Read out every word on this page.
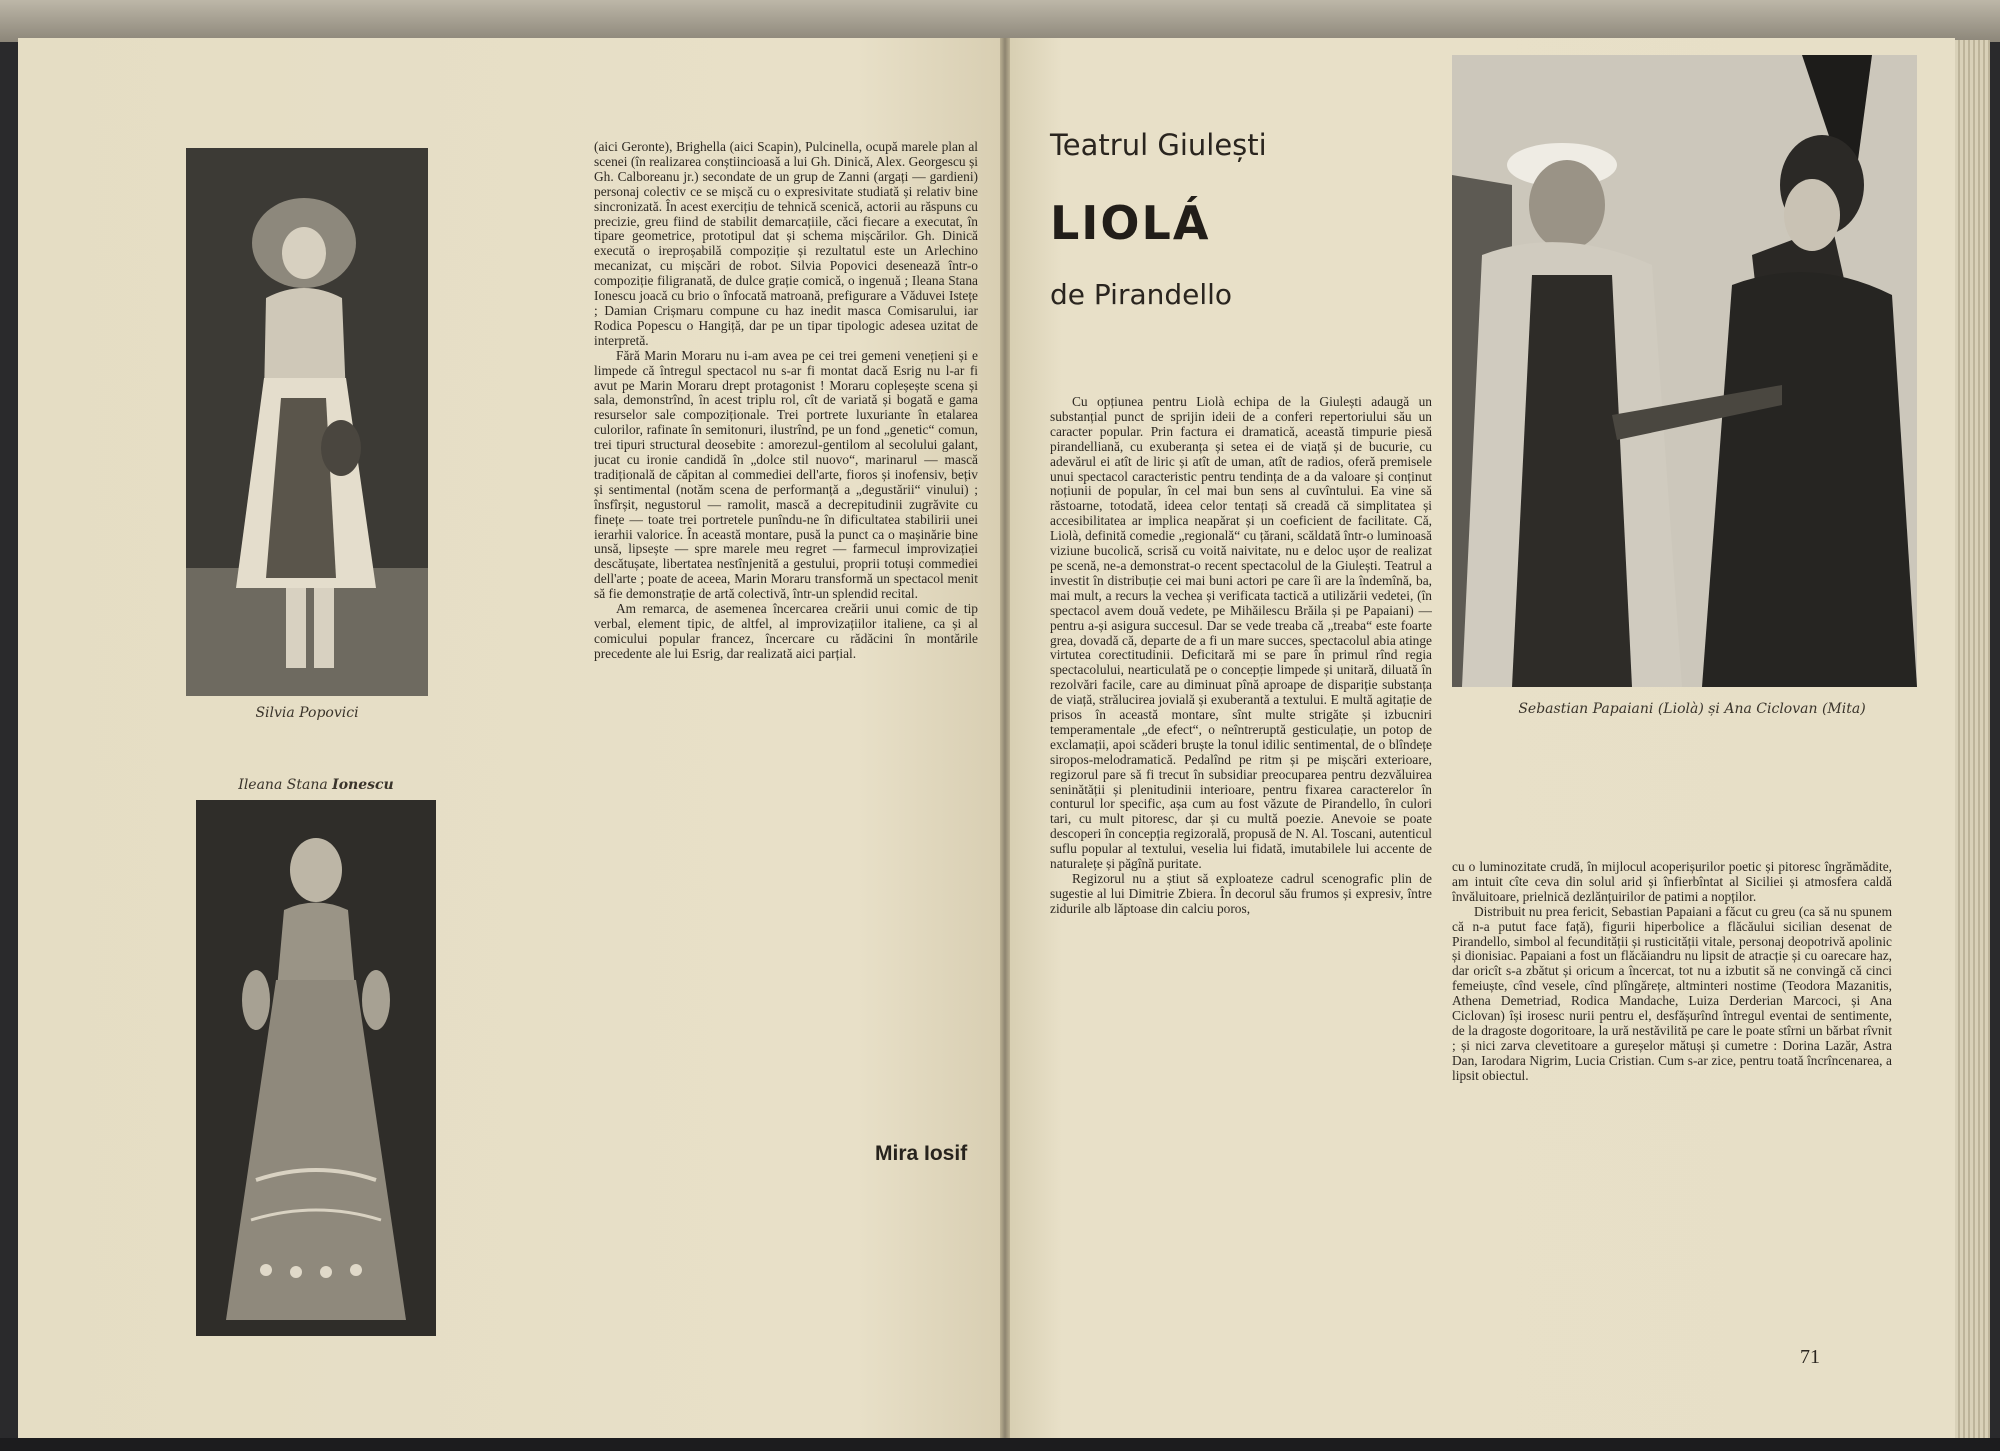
Silvia Popovici
Ileana Stana Ionescu

(aici Geronte), Brighella (aici Scapin), Pulcinella, ocupă marele plan al scenei (în realizarea conștiincioasă a lui Gh. Dinică, Alex. Georgescu și Gh. Calboreanu jr.) secondate de un grup de Zanni (argați — gardieni) personaj colectiv ce se mișcă cu o expresivitate studiată și relativ bine sincronizată. În acest exercițiu de tehnică scenică, actorii au răspuns cu precizie, greu fiind de stabilit demarcațiile, căci fiecare a executat, în tipare geometrice, prototipul dat și schema mișcărilor. Gh. Dinică execută o ireproșabilă compoziție și rezultatul este un Arlechino mecanizat, cu mișcări de robot. Silvia Popovici desenează într-o compoziție filigranată, de dulce grație comică, o ingenuă ; Ileana Stana Ionescu joacă cu brio o înfocată matroană, prefigurare a Văduvei Istețe ; Damian Crișmaru compune cu haz inedit masca Comisarului, iar Rodica Popescu o Hangiță, dar pe un tipar tipologic adesea uzitat de interpretă.

Fără Marin Moraru nu i-am avea pe cei trei gemeni venețieni și e limpede că întregul spectacol nu s-ar fi montat dacă Esrig nu l-ar fi avut pe Marin Moraru drept protagonist ! Moraru copleșește scena și sala, demonstrînd, în acest triplu rol, cît de variată și bogată e gama resurselor sale compoziționale. Trei portrete luxuriante în etalarea culorilor, rafinate în semitonuri, ilustrînd, pe un fond „genetic“ comun, trei tipuri structural deosebite : amorezul-gentilom al secolului galant, jucat cu ironie candidă în „dolce stil nuovo“, marinarul — mască tradițională de căpitan al commediei dell'arte, fioros și inofensiv, bețiv și sentimental (notăm scena de performanță a „degustării“ vinului) ; însfîrșit, negustorul — ramolit, mască a decrepitudinii zugrăvite cu finețe — toate trei portretele punîndu-ne în dificultatea stabilirii unei ierarhii valorice. În această montare, pusă la punct ca o mașinărie bine unsă, lipsește — spre marele meu regret — farmecul improvizației descătușate, libertatea nestînjenită a gestului, proprii totuși commediei dell'arte ; poate de aceea, Marin Moraru transformă un spectacol menit să fie demonstrație de artă colectivă, într-un splendid recital.

Am remarca, de asemenea încercarea creării unui comic de tip verbal, element tipic, de altfel, al improvizațiilor italiene, ca și al comicului popular francez, încercare cu rădăcini în montările precedente ale lui Esrig, dar realizată aici parțial.

Mira Iosif
Teatrul Giulești
LIOLÁ
de Pirandello
Sebastian Papaiani (Liolà) și Ana Ciclovan (Mita)

Cu opțiunea pentru Liolà echipa de la Giulești adaugă un substanțial punct de sprijin ideii de a conferi repertoriului său un caracter popular. Prin factura ei dramatică, această timpurie piesă pirandelliană, cu exuberanța și setea ei de viață și de bucurie, cu adevărul ei atît de liric și atît de uman, atît de radios, oferă premisele unui spectacol caracteristic pentru tendința de a da valoare și conținut noțiunii de popular, în cel mai bun sens al cuvîntului. Ea vine să răstoarne, totodată, ideea celor tentați să creadă că simplitatea și accesibilitatea ar implica neapărat și un coeficient de facilitate. Că, Liolà, definită comedie „regională“ cu țărani, scăldată într-o luminoasă viziune bucolică, scrisă cu voită naivitate, nu e deloc ușor de realizat pe scenă, ne-a demonstrat-o recent spectacolul de la Giulești. Teatrul a investit în distribuție cei mai buni actori pe care îi are la îndemînă, ba, mai mult, a recurs la vechea și verificata tactică a utilizării vedetei, (în spectacol avem două vedete, pe Mihăilescu Brăila și pe Papaiani) — pentru a-și asigura succesul. Dar se vede treaba că „treaba“ este foarte grea, dovadă că, departe de a fi un mare succes, spectacolul abia atinge virtutea corectitudinii. Deficitară mi se pare în primul rînd regia spectacolului, nearticulată pe o concepție limpede și unitară, diluată în rezolvări facile, care au diminuat pînă aproape de dispariție substanța de viață, strălucirea jovială și exuberantă a textului. E multă agitație de prisos în această montare, sînt multe strigăte și izbucniri temperamentale „de efect“, o neîntreruptă gesticulație, un potop de exclamații, apoi scăderi bruște la tonul idilic sentimental, de o blîndețe siropos-melodramatică. Pedalînd pe ritm și pe mișcări exterioare, regizorul pare să fi trecut în subsidiar preocuparea pentru dezvăluirea seninătății și plenitudinii interioare, pentru fixarea caracterelor în conturul lor specific, așa cum au fost văzute de Pirandello, în culori tari, cu mult pitoresc, dar și cu multă poezie. Anevoie se poate descoperi în concepția regizorală, propusă de N. Al. Toscani, autenticul suflu popular al textului, veselia lui fidată, imutabilele lui accente de naturalețe și păgînă puritate.

Regizorul nu a știut să exploateze cadrul scenografic plin de sugestie al lui Dimitrie Zbiera. În decorul său frumos și expresiv, între zidurile alb lăptoase din calciu poros,

cu o luminozitate crudă, în mijlocul acoperișurilor poetic și pitoresc îngrămădite, am intuit cîte ceva din solul arid și înfierbîntat al Siciliei și atmosfera caldă învăluitoare, prielnică dezlănțuirilor de patimi a nopților.

Distribuit nu prea fericit, Sebastian Papaiani a făcut cu greu (ca să nu spunem că n-a putut face față), figurii hiperbolice a flăcăului sicilian desenat de Pirandello, simbol al fecundității și rusticității vitale, personaj deopotrivă apolinic și dionisiac. Papaiani a fost un flăcăiandru nu lipsit de atracție și cu oarecare haz, dar oricît s-a zbătut și oricum a încercat, tot nu a izbutit să ne convingă că cinci femeiuște, cînd vesele, cînd plîngărețe, altminteri nostime (Teodora Mazanitis, Athena Demetriad, Rodica Mandache, Luiza Derderian Marcoci, și Ana Ciclovan) își irosesc nurii pentru el, desfășurînd întregul eventai de sentimente, de la dragoste dogoritoare, la ură nestăvilită pe care le poate stîrni un bărbat rîvnit ; și nici zarva clevetitoare a gureșelor mătuși și cumetre : Dorina Lazăr, Astra Dan, Iarodara Nigrim, Lucia Cristian. Cum s-ar zice, pentru toată încrîncenarea, a lipsit obiectul.

71
